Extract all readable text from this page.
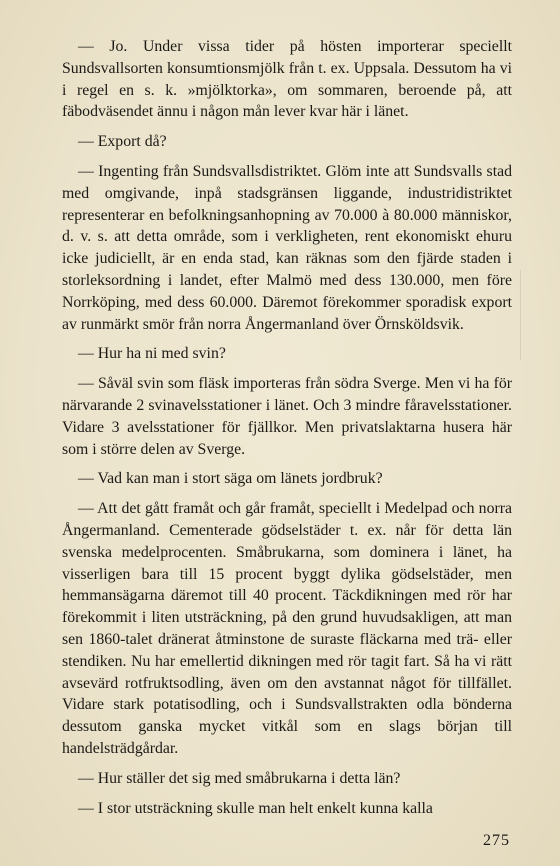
— Jo. Under vissa tider på hösten importerar speciellt Sundsvallsorten konsumtionsmjölk från t. ex. Uppsala. Dessutom ha vi i regel en s. k. »mjölktorka», om sommaren, beroende på, att fäbodväsendet ännu i någon mån lever kvar här i länet.

— Export då?

— Ingenting från Sundsvallsdistriktet. Glöm inte att Sundsvalls stad med omgivande, inpå stadsgränsen liggande, industridistriktet representerar en befolkningsanhopning av 70.000 à 80.000 människor, d. v. s. att detta område, som i verkligheten, rent ekonomiskt ehuru icke judiciellt, är en enda stad, kan räknas som den fjärde staden i storleksordning i landet, efter Malmö med dess 130.000, men före Norrköping, med dess 60.000. Däremot förekommer sporadisk export av runmärkt smör från norra Ångermanland över Örnsköldsvik.

— Hur ha ni med svin?

— Såväl svin som fläsk importeras från södra Sverge. Men vi ha för närvarande 2 svinavelsstationer i länet. Och 3 mindre fåravelsstationer. Vidare 3 avelsstationer för fjällkor. Men privatslaktarna husera här som i större delen av Sverge.

— Vad kan man i stort säga om länets jordbruk?

— Att det gått framåt och går framåt, speciellt i Medelpad och norra Ångermanland. Cementerade gödselstäder t. ex. når för detta län svenska medelprocenten. Småbrukarna, som dominera i länet, ha visserligen bara till 15 procent byggt dylika gödselstäder, men hemmansägarna däremot till 40 procent. Täckdikningen med rör har förekommit i liten utsträckning, på den grund huvudsakligen, att man sen 1860-talet dränerat åtminstone de suraste fläckarna med trä- eller stendiken. Nu har emellertid dikningen med rör tagit fart. Så ha vi rätt avsevärd rotfruktsodling, även om den avstannat något för tillfället. Vidare stark potatisodling, och i Sundsvallstrakten odla bönderna dessutom ganska mycket vitkål som en slags början till handelsträdgårdar.

— Hur ställer det sig med småbrukarna i detta län?

— I stor utsträckning skulle man helt enkelt kunna kalla

275
